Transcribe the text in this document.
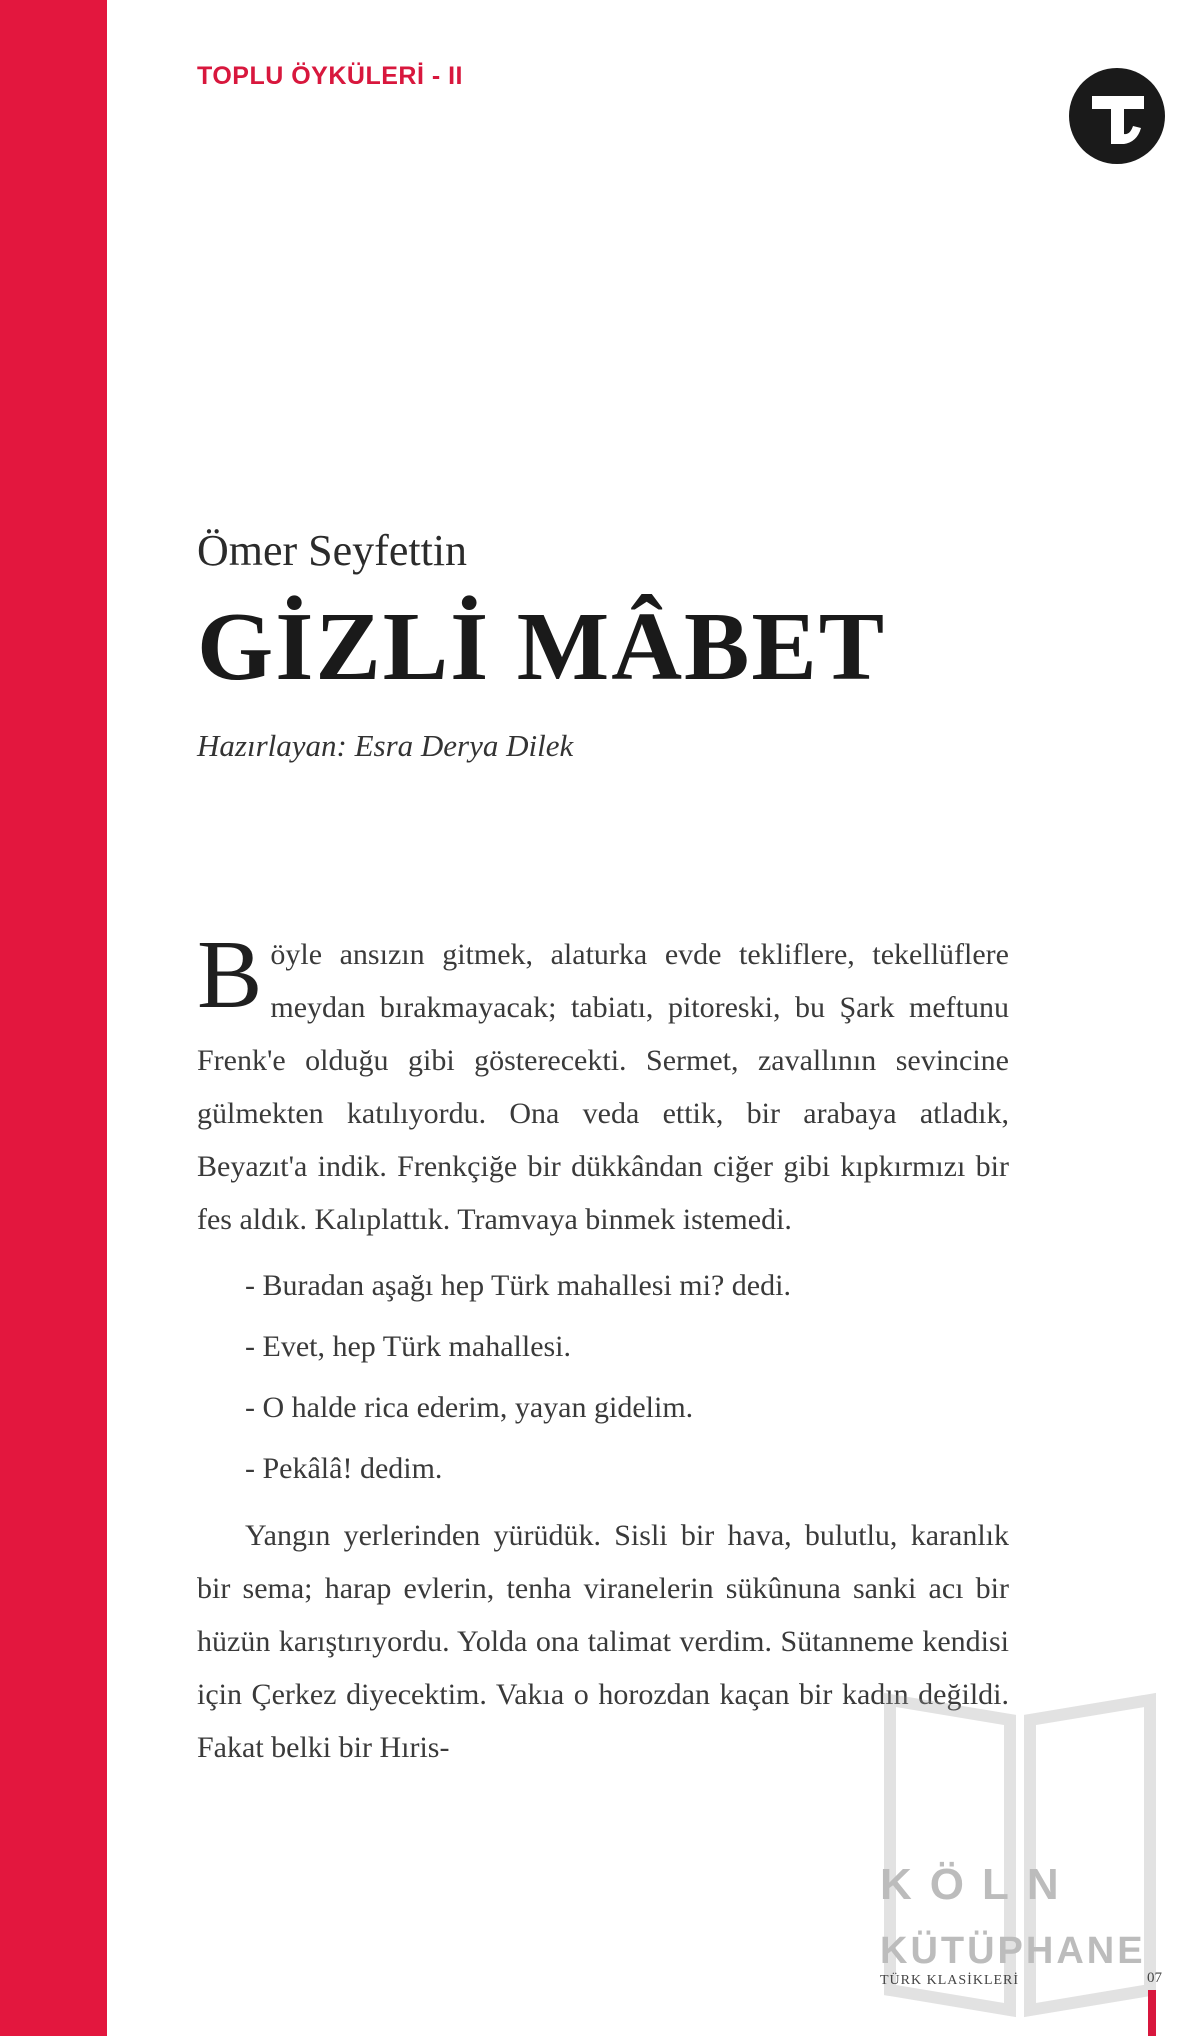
TOPLU ÖYKÜLERİ - II
Ömer Seyfettin
GİZLİ MÂBET
Hazırlayan: Esra Derya Dilek

Böyle ansızın gitmek, alaturka evde tekliflere, tekellüflere meydan bırakmayacak; tabiatı, pitoreski, bu Şark meftunu Frenk'e olduğu gibi gösterecekti. Sermet, zavallının sevincine gülmekten katılıyordu. Ona veda ettik, bir arabaya atladık, Beyazıt'a indik. Frenkçiğe bir dükkândan ciğer gibi kıpkırmızı bir fes aldık. Kalıplattık. Tramvaya binmek istemedi.

- Buradan aşağı hep Türk mahallesi mi? dedi.

- Evet, hep Türk mahallesi.

- O halde rica ederim, yayan gidelim.

- Pekâlâ! dedim.

Yangın yerlerinden yürüdük. Sisli bir hava, bulutlu, karanlık bir sema; harap evlerin, tenha viranelerin sükûnuna sanki acı bir hüzün karıştırıyordu. Yolda ona talimat verdim. Sütanneme kendisi için Çerkez diyecektim. Vakıa o horozdan kaçan bir kadın değildi. Fakat belki bir Hıris-

KÖLN
KÜTÜPHANE
TÜRK KLASİKLERİ	07
